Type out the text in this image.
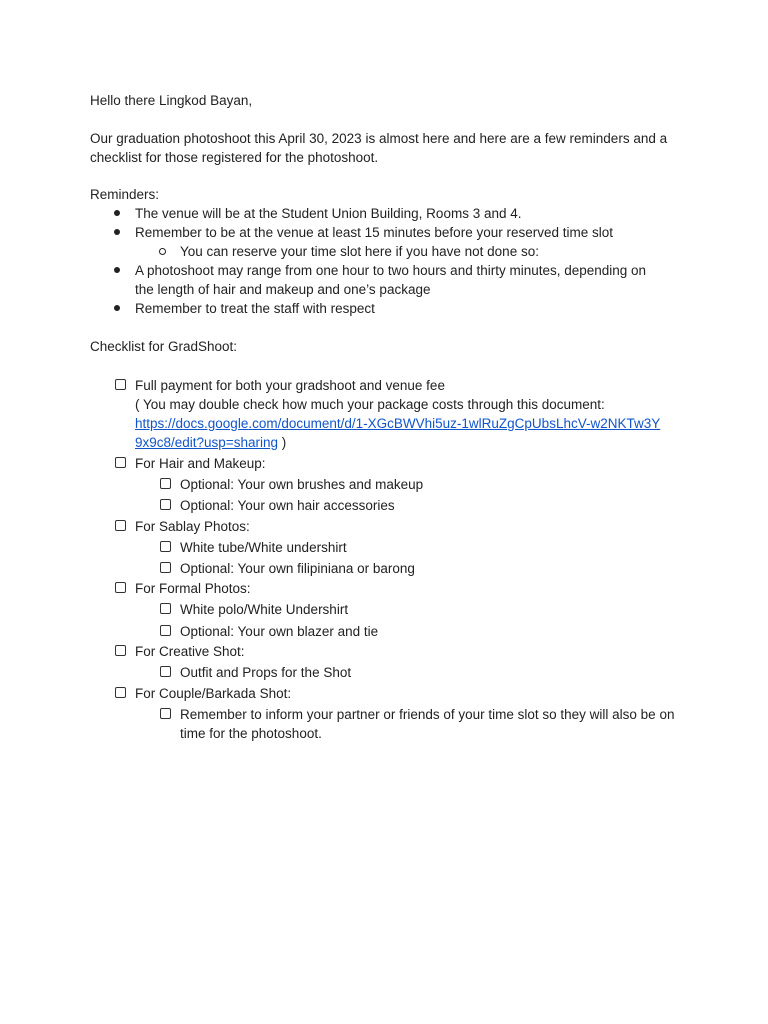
Hello there Lingkod Bayan,
Our graduation photoshoot this April 30, 2023 is almost here and here are a few reminders and a checklist for those registered for the photoshoot.
Reminders:
The venue will be at the Student Union Building, Rooms 3 and 4.
Remember to be at the venue at least 15 minutes before your reserved time slot
You can reserve your time slot here if you have not done so:
A photoshoot may range from one hour to two hours and thirty minutes, depending on the length of hair and makeup and one’s package
Remember to treat the staff with respect
Checklist for GradShoot:
Full payment for both your gradshoot and venue fee
( You may double check how much your package costs through this document:
https://docs.google.com/document/d/1-XGcBWVhi5uz-1wlRuZgCpUbsLhcV-w2NKTw3Y
9x9c8/edit?usp=sharing )
For Hair and Makeup:
Optional: Your own brushes and makeup
Optional: Your own hair accessories
For Sablay Photos:
White tube/White undershirt
Optional: Your own filipiniana or barong
For Formal Photos:
White polo/White Undershirt
Optional: Your own blazer and tie
For Creative Shot:
Outfit and Props for the Shot
For Couple/Barkada Shot:
Remember to inform your partner or friends of your time slot so they will also be on time for the photoshoot.
